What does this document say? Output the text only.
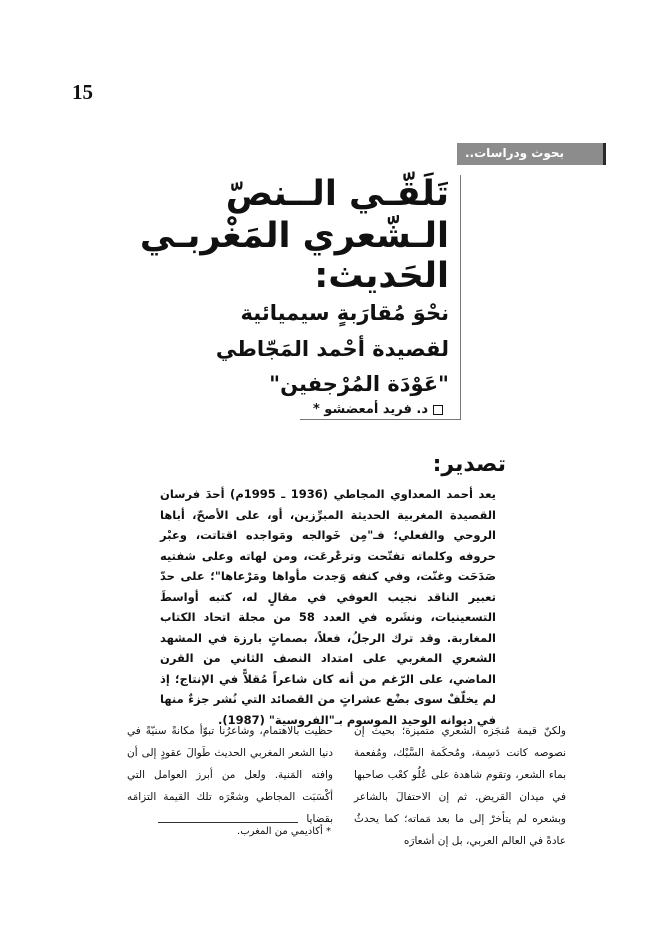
15
بحوث ودراسات..
تَلَقّـي الــنصّ
الـشّعري المَغْربـي
الحَديث:
نحْوَ مُقارَبةٍ سيميائية
لقصيدة أحْمد المَجّاطي
"عَوْدَة المُرْجفين"
د. فريد أمعضشو *
تصدير:

يعد أحمد المعداوي المجاطي (1936 ـ 1995م) أحدَ فرسان القصيدة المغربية الحديثة المبرِّزين، أو، على الأصحّ، أباها الروحي والفعلي؛ فـ"مِن خَوالجه ومَواجده اقتاتت، وعبْر حروفه وكلماته تفتّحت وترعْرعَت، ومن لهاته وعلى شفتيه صَدَحَت وغنّت، وفي كنفه وَجدت مأواها ومَرْعاها"؛ على حدّ تعبير الناقد نجيب العوفي في مقالٍ له، كتبه أواسطَ التسعينيات، ونشَره في العدد 58 من مجلة اتحاد الكتاب المغاربة. وقد ترك الرجلُ، فعلاً، بصماتٍ بارزة في المشهد الشعري المغربي على امتداد النصف الثاني من القرن الماضي، على الرّغم من أنه كان شاعراً مُقلاًّ في الإنتاج؛ إذ لم يخلّفْ سوى بضْع عشراتٍ من القصائد التي نُشر جزءٌ منها في ديوانه الوحيد الموسوم بـ"الفروسية" (1987).

ولكنّ قيمة مُنجَزه الشعري متميزة؛ بحيث إن نصوصه كانت دَسِمة، ومُحكَمة السَّبْك، ومُفعمة بماء الشعر، وتقوم شاهدة على عُلُو كعْب صاحبها في ميدان القريض. ثم إن الاحتفالَ بالشاعر وبشعره لم يتأخرْ إلى ما بعد مَماته؛ كما يحدثُ عادةً في العالم العربي، بل إن أشعارَه

حظيت بالاهتمام، وشاعرُنا تبوّأ مكانةً سنيّةً في دنيا الشعر المغربي الحديث طَوالَ عقودٍ إلى أن وافته المَنية. ولعل من أبرز العوامل التي أكْسَبَت المجاطي وشعْرَه تلك القيمة التزامَه بقضايا

* أكاديمي من المغرب.
